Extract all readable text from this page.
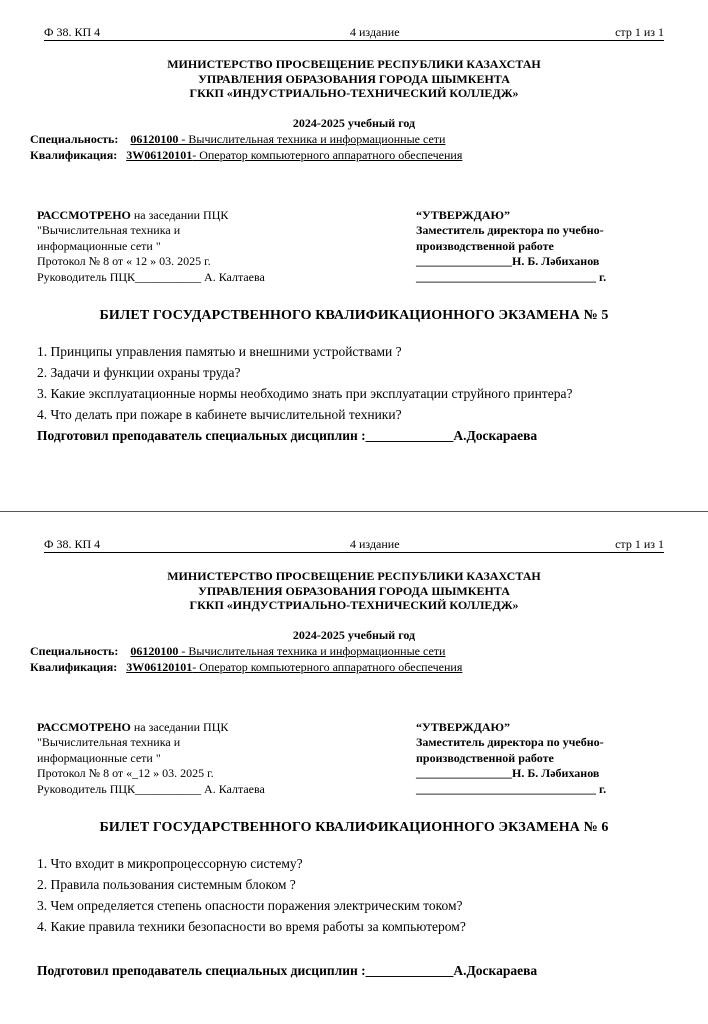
Ф 38. КП 4	4 издание	стр 1 из 1
МИНИСТЕРСТВО ПРОСВЕЩЕНИЕ РЕСПУБЛИКИ КАЗАХСТАН
УПРАВЛЕНИЯ ОБРАЗОВАНИЯ ГОРОДА ШЫМКЕНТА
ГККП «ИНДУСТРИАЛЬНО-ТЕХНИЧЕСКИЙ КОЛЛЕДЖ»
2024-2025 учебный год
Специальность: 06120100 - Вычислительная техника и информационные сети
Квалификация: 3W06120101- Оператор компьютерного аппаратного обеспечения
РАССМОТРЕНО на заседании ПЦК
"Вычислительная техника и
информационные сети "
Протокол № 8 от « 12 » 03. 2025 г.
Руководитель ПЦК___________ А. Калтаева
“УТВЕРЖДАЮ”
Заместитель директора по учебно-
производственной работе
________________Н. Б. Лəбиханов
______________________________ г.
БИЛЕТ ГОСУДАРСТВЕННОГО КВАЛИФИКАЦИОННОГО ЭКЗАМЕНА № 5
1. Принципы управления памятью и внешними устройствами ?
2. Задачи и функции охраны труда?
3. Какие эксплуатационные нормы необходимо знать при эксплуатации струйного принтера?
4. Что делать при пожаре в кабинете вычислительной техники?
Подготовил преподаватель специальных дисциплин :_____________А.Доскараева
Ф 38. КП 4	4 издание	стр 1 из 1
МИНИСТЕРСТВО ПРОСВЕЩЕНИЕ РЕСПУБЛИКИ КАЗАХСТАН
УПРАВЛЕНИЯ ОБРАЗОВАНИЯ ГОРОДА ШЫМКЕНТА
ГККП «ИНДУСТРИАЛЬНО-ТЕХНИЧЕСКИЙ КОЛЛЕДЖ»
2024-2025 учебный год
Специальность: 06120100 - Вычислительная техника и информационные сети
Квалификация: 3W06120101- Оператор компьютерного аппаратного обеспечения
РАССМОТРЕНО на заседании ПЦК
"Вычислительная техника и
информационные сети "
Протокол № 8 от «_12 » 03. 2025 г.
Руководитель ПЦК___________ А. Калтаева
“УТВЕРЖДАЮ”
Заместитель директора по учебно-
производственной работе
________________Н. Б. Лəбиханов
______________________________ г.
БИЛЕТ ГОСУДАРСТВЕННОГО КВАЛИФИКАЦИОННОГО ЭКЗАМЕНА № 6
1. Что входит в микропроцессорную систему?
2. Правила пользования системным блоком ?
3. Чем определяется степень опасности поражения электрическим током?
4. Какие правила техники безопасности во время работы за компьютером?
Подготовил преподаватель специальных дисциплин :_____________А.Доскараева
